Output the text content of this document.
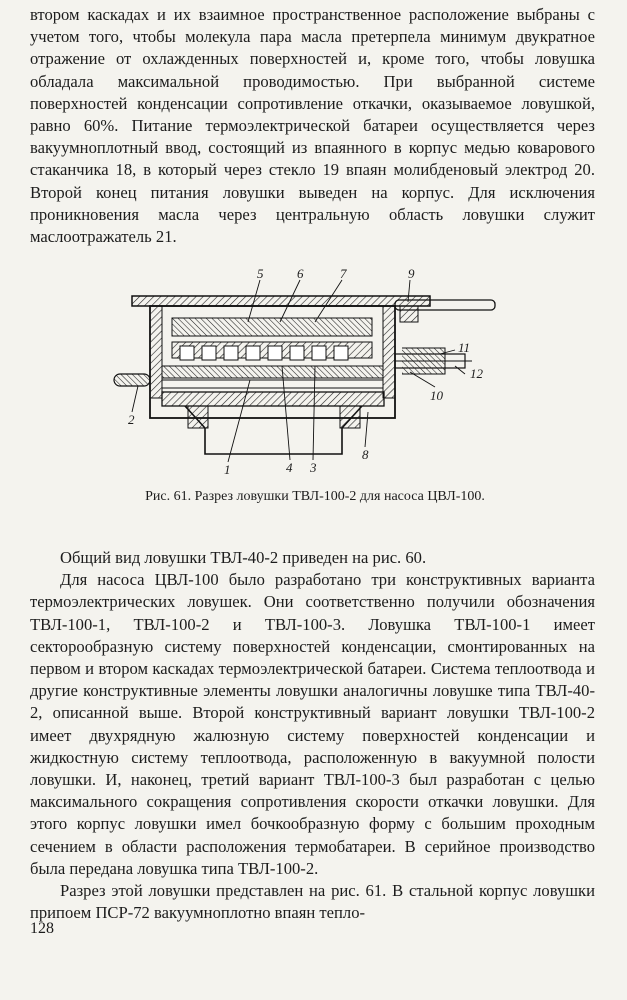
втором каскадах и их взаимное пространственное расположение выбраны с учетом того, чтобы молекула пара масла претерпела минимум двукратное отражение от охлажденных поверхностей и, кроме того, чтобы ловушка обладала максимальной проводимостью. При выбранной системе поверхностей конденсации сопротивление откачки, оказываемое ловушкой, равно 60%. Питание термоэлектрической батареи осуществляется через вакуумноплотный ввод, состоящий из впаянного в корпус медью коварового стаканчика 18, в который через стекло 19 впаян молибденовый электрод 20. Второй конец питания ловушки выведен на корпус. Для исключения проникновения масла через центральную область ловушки служит маслоотражатель 21.

5	6	7	9
11
12
10
2
1	4 3
8
Рис. 61. Разрез ловушки ТВЛ-100-2 для насоса ЦВЛ-100.

Общий вид ловушки ТВЛ-40-2 приведен на рис. 60.

Для насоса ЦВЛ-100 было разработано три конструктивных варианта термоэлектрических ловушек. Они соответственно получили обозначения ТВЛ-100-1, ТВЛ-100-2 и ТВЛ-100-3. Ловушка ТВЛ-100-1 имеет секторообразную систему поверхностей конденсации, смонтированных на первом и втором каскадах термоэлектрической батареи. Система теплоотвода и другие конструктивные элементы ловушки аналогичны ловушке типа ТВЛ-40-2, описанной выше. Второй конструктивный вариант ловушки ТВЛ-100-2 имеет двухрядную жалюзную систему поверхностей конденсации и жидкостную систему теплоотвода, расположенную в вакуумной полости ловушки. И, наконец, третий вариант ТВЛ-100-3 был разработан с целью максимального сокращения сопротивления скорости откачки ловушки. Для этого корпус ловушки имел бочкообразную форму с большим проходным сечением в области расположения термобатареи. В серийное производство была передана ловушка типа ТВЛ-100-2.

Разрез этой ловушки представлен на рис. 61. В стальной корпус ловушки припоем ПСР-72 вакуумноплотно впаян тепло-

128
